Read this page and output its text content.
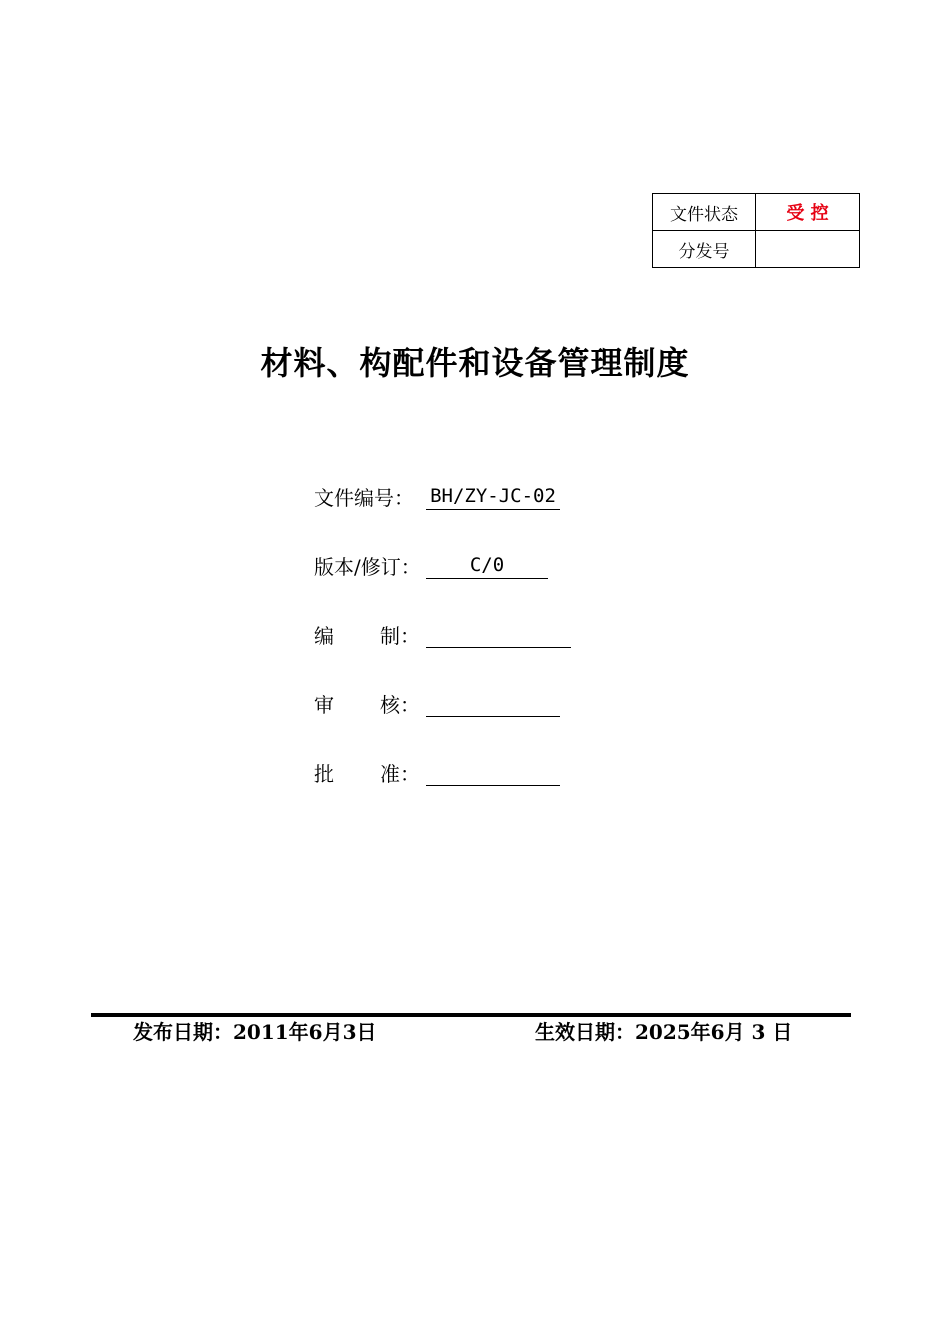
文件状态	受 控
分发号	
材料、构配件和设备管理制度
文件编号： BH/ZY-JC-02
版本/修订：	C/0
编 制：
审 核：
批 准：
发布日期：2011年6月3日	生效日期：2025年6月 3 日
